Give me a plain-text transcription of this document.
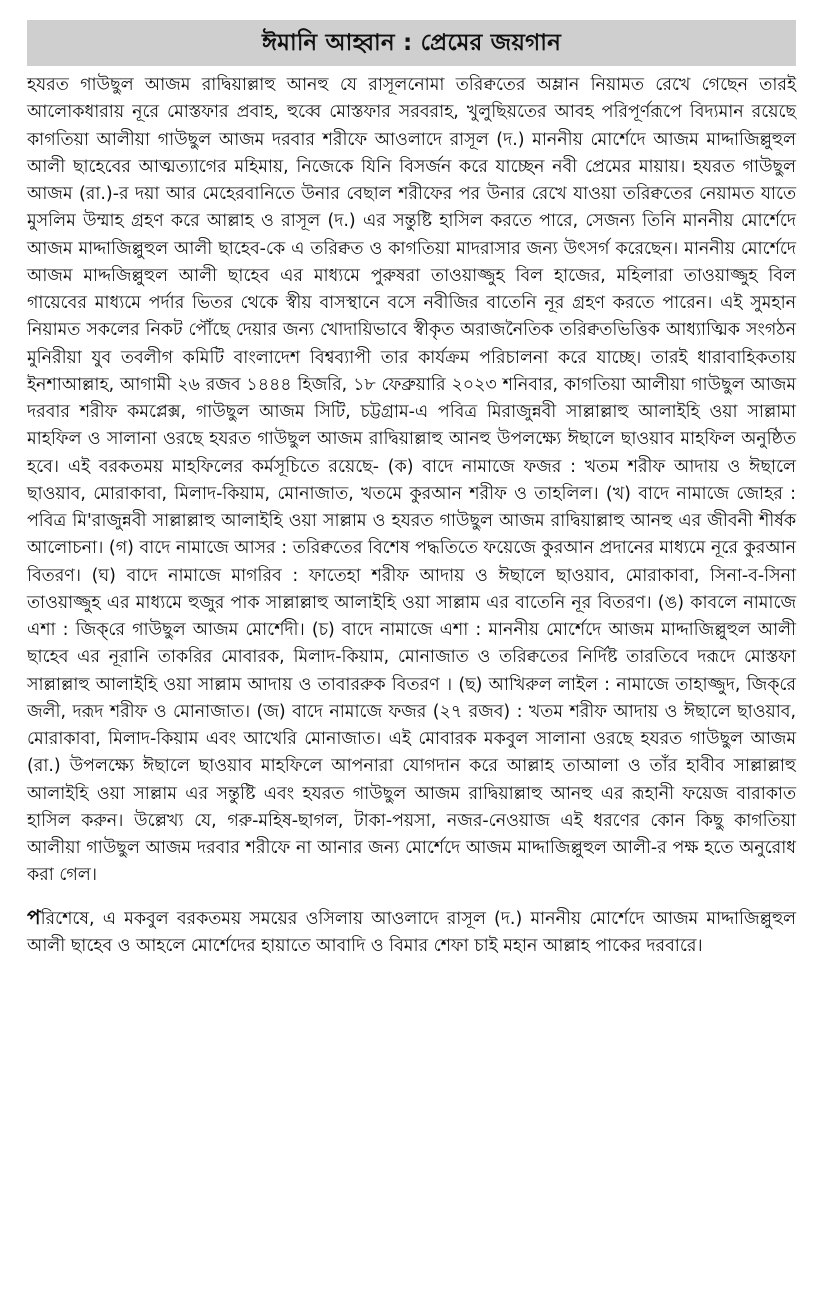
ঈমানি আহ্বান : প্রেমের জয়গান

হযরত গাউছুল আজম রাদ্বিয়াল্লাহু আনহু যে রাসূলনোমা তরিক্বতের অম্লান নিয়ামত রেখে গেছেন তারই আলোকধারায় নূরে মোস্তফার প্রবাহ, হুব্বে মোস্তফার সরবরাহ, খুলুছিয়তের আবহ পরিপূর্ণরূপে বিদ্যমান রয়েছে কাগতিয়া আলীয়া গাউছুল আজম দরবার শরীফে আওলাদে রাসূল (দ.) মাননীয় মোর্শেদে আজম মাদ্দাজিল্লুহুল আলী ছাহেবের আত্মত্যাগের মহিমায়, নিজেকে যিনি বিসর্জন করে যাচ্ছেন নবী প্রেমের মায়ায়। হযরত গাউছুল আজম (রা.)-র দয়া আর মেহেরবানিতে উনার বেছাল শরীফের পর উনার রেখে যাওয়া তরিক্বতের নেয়ামত যাতে মুসলিম উম্মাহ গ্রহণ করে আল্লাহ ও রাসূল (দ.) এর সন্তুষ্টি হাসিল করতে পারে, সেজন্য তিনি মাননীয় মোর্শেদে আজম মাদ্দাজিল্লুহুল আলী ছাহেব-কে এ তরিক্বত ও কাগতিয়া মাদরাসার জন্য উৎসর্গ করেছেন। মাননীয় মোর্শেদে আজম মাদ্দজিল্লুহুল আলী ছাহেব এর মাধ্যমে পুরুষরা তাওয়াজ্জুহ বিল হাজের, মহিলারা তাওয়াজ্জুহ বিল গায়েবের মাধ্যমে পর্দার ভিতর থেকে স্বীয় বাসস্থানে বসে নবীজির বাতেনি নূর গ্রহণ করতে পারেন। এই সুমহান নিয়ামত সকলের নিকট পৌঁছে দেয়ার জন্য খোদায়িভাবে স্বীকৃত অরাজনৈতিক তরিক্বতভিত্তিক আধ্যাত্মিক সংগঠন মুনিরীয়া যুব তবলীগ কমিটি বাংলাদেশ বিশ্বব্যাপী তার কার্যক্রম পরিচালনা করে যাচ্ছে। তারই ধারাবাহিকতায় ইনশাআল্লাহ, আগামী ২৬ রজব ১৪৪৪ হিজরি, ১৮ ফেব্রুয়ারি ২০২৩ শনিবার, কাগতিয়া আলীয়া গাউছুল আজম দরবার শরীফ কমপ্লেক্স, গাউছুল আজম সিটি, চট্টগ্রাম-এ পবিত্র মিরাজুন্নবী সাল্লাল্লাহু আলাইহি ওয়া সাল্লামা মাহফিল ও সালানা ওরছে হযরত গাউছুল আজম রাদ্বিয়াল্লাহু আনহু উপলক্ষ্যে ঈছালে ছাওয়াব মাহফিল অনুষ্ঠিত হবে। এই বরকতময় মাহফিলের কর্মসূচিতে রয়েছে- (ক) বাদে নামাজে ফজর : খতম শরীফ আদায় ও ঈছালে ছাওয়াব, মোরাকাবা, মিলাদ-কিয়াম, মোনাজাত, খতমে কুরআন শরীফ ও তাহলিল। (খ) বাদে নামাজে জোহর : পবিত্র মি'রাজুন্নবী সাল্লাল্লাহু আলাইহি ওয়া সাল্লাম ও হযরত গাউছুল আজম রাদ্বিয়াল্লাহু আনহু এর জীবনী শীর্ষক আলোচনা। (গ) বাদে নামাজে আসর : তরিক্বতের বিশেষ পদ্ধতিতে ফয়েজে কুরআন প্রদানের মাধ্যমে নূরে কুরআন বিতরণ। (ঘ) বাদে নামাজে মাগরিব : ফাতেহা শরীফ আদায় ও ঈছালে ছাওয়াব, মোরাকাবা, সিনা-ব-সিনা তাওয়াজ্জুহ এর মাধ্যমে হুজুর পাক সাল্লাল্লাহু আলাইহি ওয়া সাল্লাম এর বাতেনি নূর বিতরণ। (ঙ) কাবলে নামাজে এশা : জিক্‌রে গাউছুল আজম মোর্শেদী। (চ) বাদে নামাজে এশা : মাননীয় মোর্শেদে আজম মাদ্দাজিল্লুহুল আলী ছাহেব এর নূরানি তাকরির মোবারক, মিলাদ-কিয়াম, মোনাজাত ও তরিক্বতের নির্দিষ্ট তারতিবে দরূদে মোস্তফা সাল্লাল্লাহু আলাইহি ওয়া সাল্লাম আদায় ও তাবাররুক বিতরণ । (ছ) আখিরুল লাইল : নামাজে তাহাজ্জুদ, জিক্‌রে জলী, দরূদ শরীফ ও মোনাজাত। (জ) বাদে নামাজে ফজর (২৭ রজব) : খতম শরীফ আদায় ও ঈছালে ছাওয়াব, মোরাকাবা, মিলাদ-কিয়াম এবং আখেরি মোনাজাত। এই মোবারক মকবুল সালানা ওরছে হযরত গাউছুল আজম (রা.) উপলক্ষ্যে ঈছালে ছাওয়াব মাহফিলে আপনারা যোগদান করে আল্লাহ তাআলা ও তাঁর হাবীব সাল্লাল্লাহু আলাইহি ওয়া সাল্লাম এর সন্তুষ্টি এবং হযরত গাউছুল আজম রাদ্বিয়াল্লাহু আনহু এর রূহানী ফয়েজ বারাকাত হাসিল করুন। উল্লেখ্য যে, গরু-মহিষ-ছাগল, টাকা-পয়সা, নজর-নেওয়াজ এই ধরণের কোন কিছু কাগতিয়া আলীয়া গাউছুল আজম দরবার শরীফে না আনার জন্য মোর্শেদে আজম মাদ্দাজিল্লুহুল আলী-র পক্ষ হতে অনুরোধ করা গেল।

পরিশেষে, এ মকবুল বরকতময় সময়ের ওসিলায় আওলাদে রাসূল (দ.) মাননীয় মোর্শেদে আজম মাদ্দাজিল্লুহুল আলী ছাহেব ও আহলে মোর্শেদের হায়াতে আবাদি ও বিমার শেফা চাই মহান আল্লাহ পাকের দরবারে।
